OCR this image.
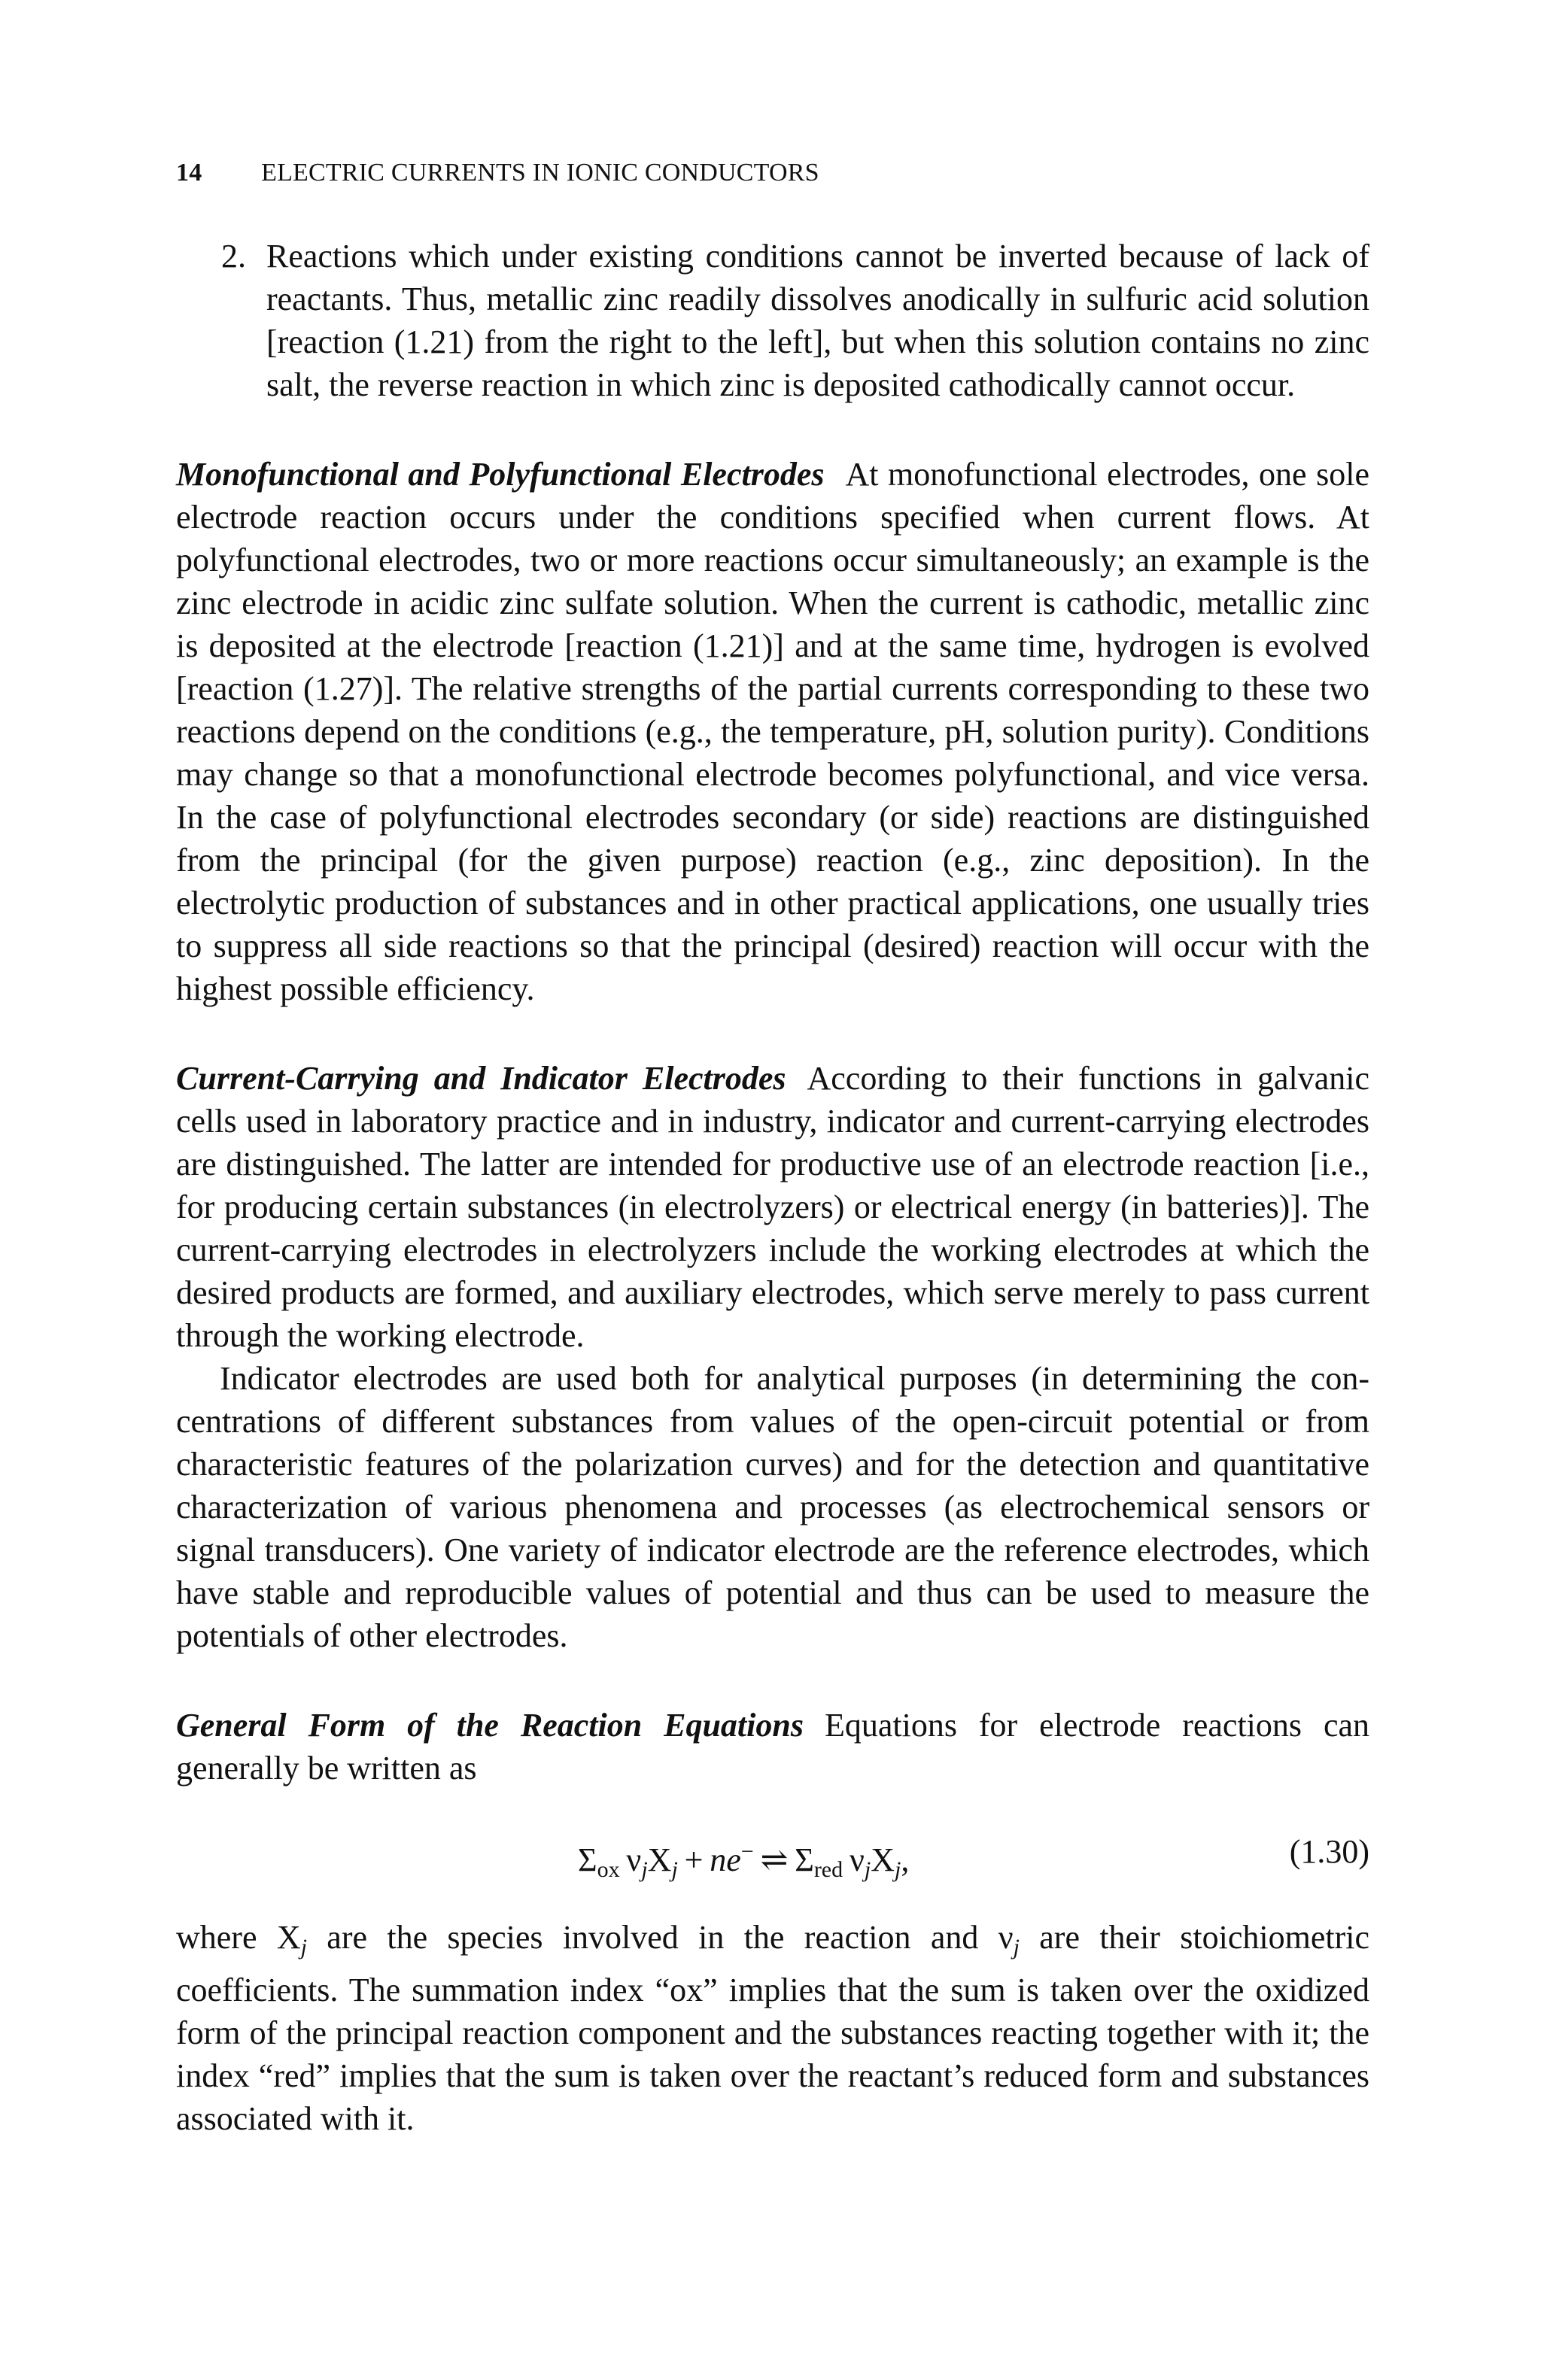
14 ELECTRIC CURRENTS IN IONIC CONDUCTORS
2. Reactions which under existing conditions cannot be inverted because of lack of reactants. Thus, metallic zinc readily dissolves anodically in sulfuric acid solution [reaction (1.21) from the right to the left], but when this solution contains no zinc salt, the reverse reaction in which zinc is deposited cathodically cannot occur.

Monofunctional and Polyfunctional Electrodes At monofunctional electrodes, one sole electrode reaction occurs under the conditions specified when current flows. At polyfunctional electrodes, two or more reactions occur simultaneously; an example is the zinc electrode in acidic zinc sulfate solution. When the current is cathodic, metallic zinc is deposited at the electrode [reaction (1.21)] and at the same time, hydrogen is evolved [reaction (1.27)]. The relative strengths of the partial currents corresponding to these two reactions depend on the conditions (e.g., the temperature, pH, solution purity). Conditions may change so that a monofunctional electrode becomes polyfunctional, and vice versa. In the case of polyfunctional electrodes secondary (or side) reactions are distinguished from the principal (for the given purpose) reaction (e.g., zinc deposition). In the electrolytic production of substances and in other practical applications, one usually tries to suppress all side reactions so that the principal (desired) reaction will occur with the highest possible efficiency.

Current-Carrying and Indicator Electrodes According to their functions in galvanic cells used in laboratory practice and in industry, indicator and current-carrying electrodes are distinguished. The latter are intended for productive use of an electrode reaction [i.e., for producing certain substances (in electrolyzers) or electrical energy (in batteries)]. The current-carrying electrodes in electrolyzers include the working electrodes at which the desired products are formed, and auxiliary electrodes, which serve merely to pass current through the working electrode.

Indicator electrodes are used both for analytical purposes (in determining the concentrations of different substances from values of the open-circuit potential or from characteristic features of the polarization curves) and for the detection and quantitative characterization of various phenomena and processes (as electrochemical sensors or signal transducers). One variety of indicator electrode are the reference electrodes, which have stable and reproducible values of potential and thus can be used to measure the potentials of other electrodes.

General Form of the Reaction Equations Equations for electrode reactions can generally be written as

$\Sigma_{ox}$  $\nu_jX_j + ne^-$  ⇌  $\Sigma_{red}$  $\nu_jX_j$,	(1.30)

where $X_j$ are the species involved in the reaction and $\nu_j$ are their stoichiometric coefficients. The summation index “ox” implies that the sum is taken over the oxidized form of the principal reaction component and the substances reacting together with it; the index “red” implies that the sum is taken over the reactant’s reduced form and substances associated with it.
